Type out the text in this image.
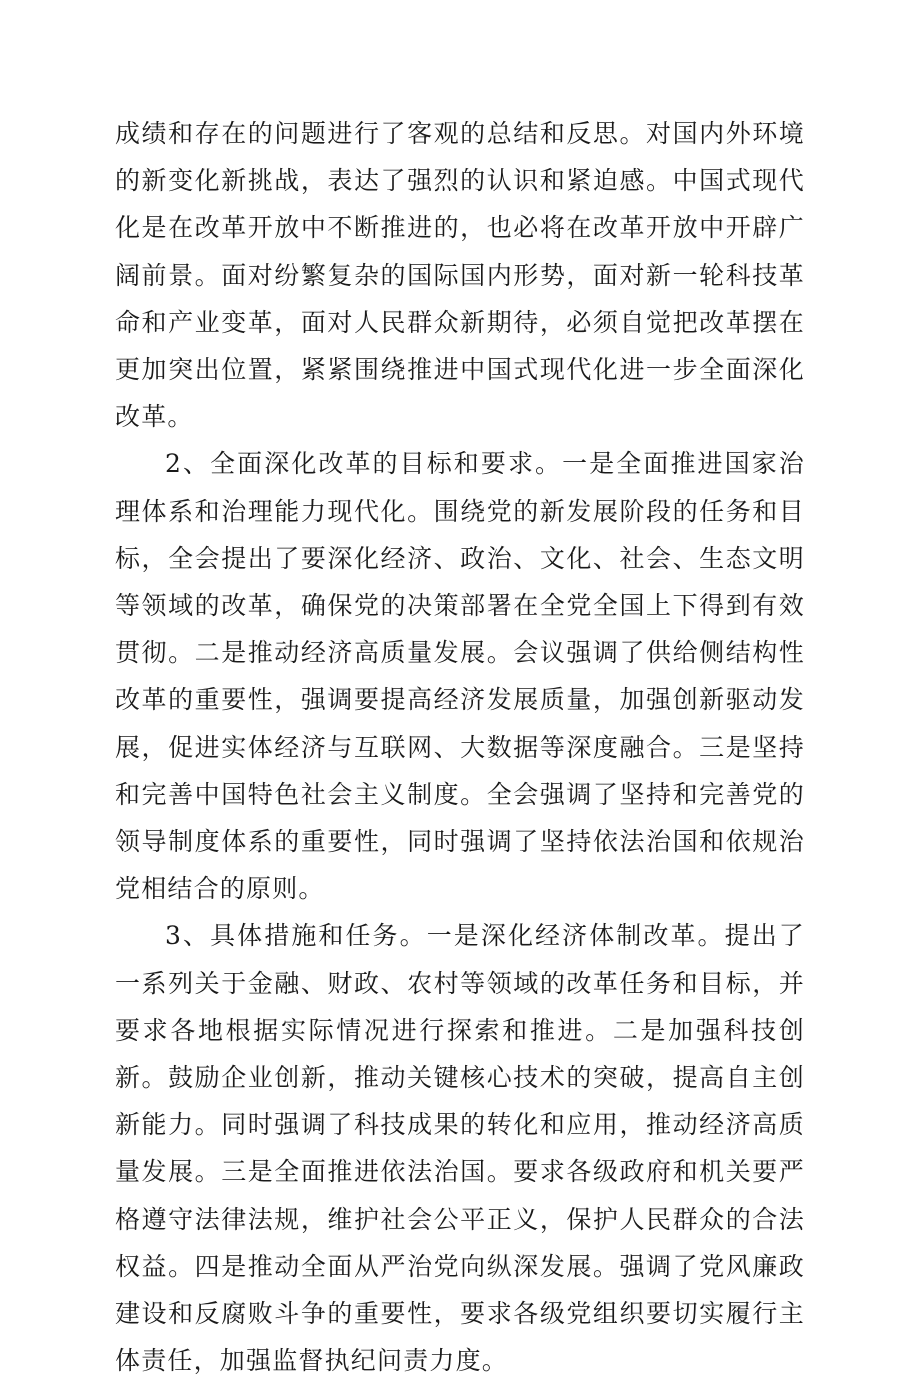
成绩和存在的问题进行了客观的总结和反思。对国内外环境的新变化新挑战，表达了强烈的认识和紧迫感。中国式现代化是在改革开放中不断推进的，也必将在改革开放中开辟广阔前景。面对纷繁复杂的国际国内形势，面对新一轮科技革命和产业变革，面对人民群众新期待，必须自觉把改革摆在更加突出位置，紧紧围绕推进中国式现代化进一步全面深化改革。

2、全面深化改革的目标和要求。一是全面推进国家治理体系和治理能力现代化。围绕党的新发展阶段的任务和目标，全会提出了要深化经济、政治、文化、社会、生态文明等领域的改革，确保党的决策部署在全党全国上下得到有效贯彻。二是推动经济高质量发展。会议强调了供给侧结构性改革的重要性，强调要提高经济发展质量，加强创新驱动发展，促进实体经济与互联网、大数据等深度融合。三是坚持和完善中国特色社会主义制度。全会强调了坚持和完善党的领导制度体系的重要性，同时强调了坚持依法治国和依规治党相结合的原则。

3、具体措施和任务。一是深化经济体制改革。提出了一系列关于金融、财政、农村等领域的改革任务和目标，并要求各地根据实际情况进行探索和推进。二是加强科技创新。鼓励企业创新，推动关键核心技术的突破，提高自主创新能力。同时强调了科技成果的转化和应用，推动经济高质量发展。三是全面推进依法治国。要求各级政府和机关要严格遵守法律法规，维护社会公平正义，保护人民群众的合法权益。四是推动全面从严治党向纵深发展。强调了党风廉政建设和反腐败斗争的重要性，要求各级党组织要切实履行主体责任，加强监督执纪问责力度。
